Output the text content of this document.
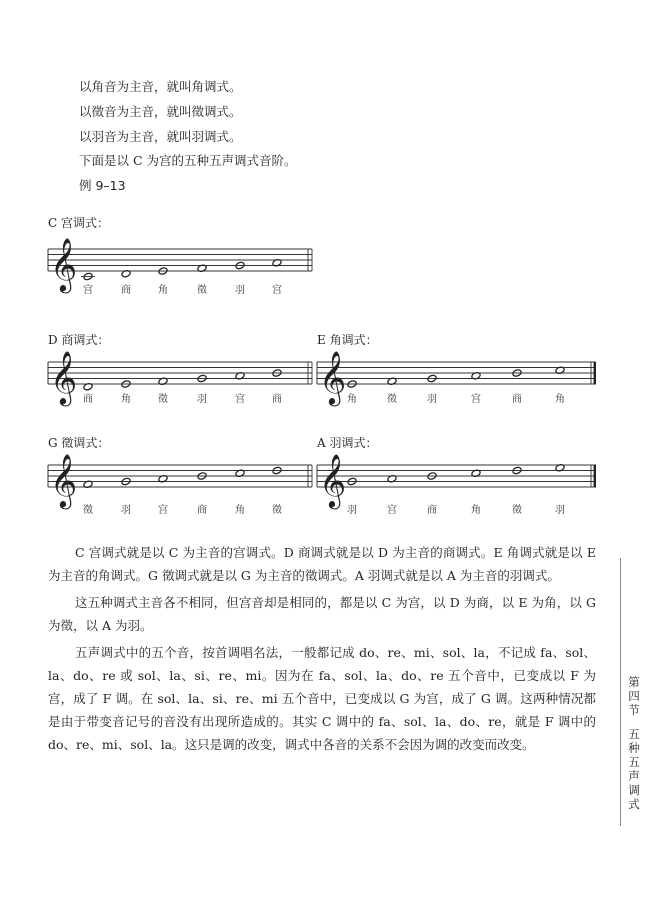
以角音为主音，就叫角调式。
以徵音为主音，就叫徵调式。
以羽音为主音，就叫羽调式。
下面是以 C 为宫的五种五声调式音阶。
例 9–13
C 宫调式：
D 商调式：	E 角调式：
G 徵调式：	A 羽调式：
𝄞 宫	商	角	徵	羽	宫
𝄞 商	角	徵	羽	宫	商 𝄞 角	徵	羽	宫	商	角
𝄞
徵	羽	宫	商	角	徵
𝄞
羽	宫	商	角	徵	羽

C 宫调式就是以 C 为主音的宫调式。D 商调式就是以 D 为主音的商调式。E 角调式就是以 E 为主音的角调式。G 徵调式就是以 G 为主音的徵调式。A 羽调式就是以 A 为主音的羽调式。

这五种调式主音各不相同，但宫音却是相同的，都是以 C 为宫，以 D 为商，以 E 为角，以 G 为徵，以 A 为羽。

五声调式中的五个音，按首调唱名法，一般都记成 do、re、mi、sol、la，不记成 fa、sol、la、do、re 或 sol、la、si、re、mi。因为在 fa、sol、la、do、re 五个音中，已变成以 F 为宫，成了 F 调。在 sol、la、si、re、mi 五个音中，已变成以 G 为宫，成了 G 调。这两种情况都是由于带变音记号的音没有出现所造成的。其实 C 调中的 fa、sol、la、do、re，就是 F 调中的 do、re、mi、sol、la。这只是调的改变，调式中各音的关系不会因为调的改变而改变。

第四节
五种五声调式
